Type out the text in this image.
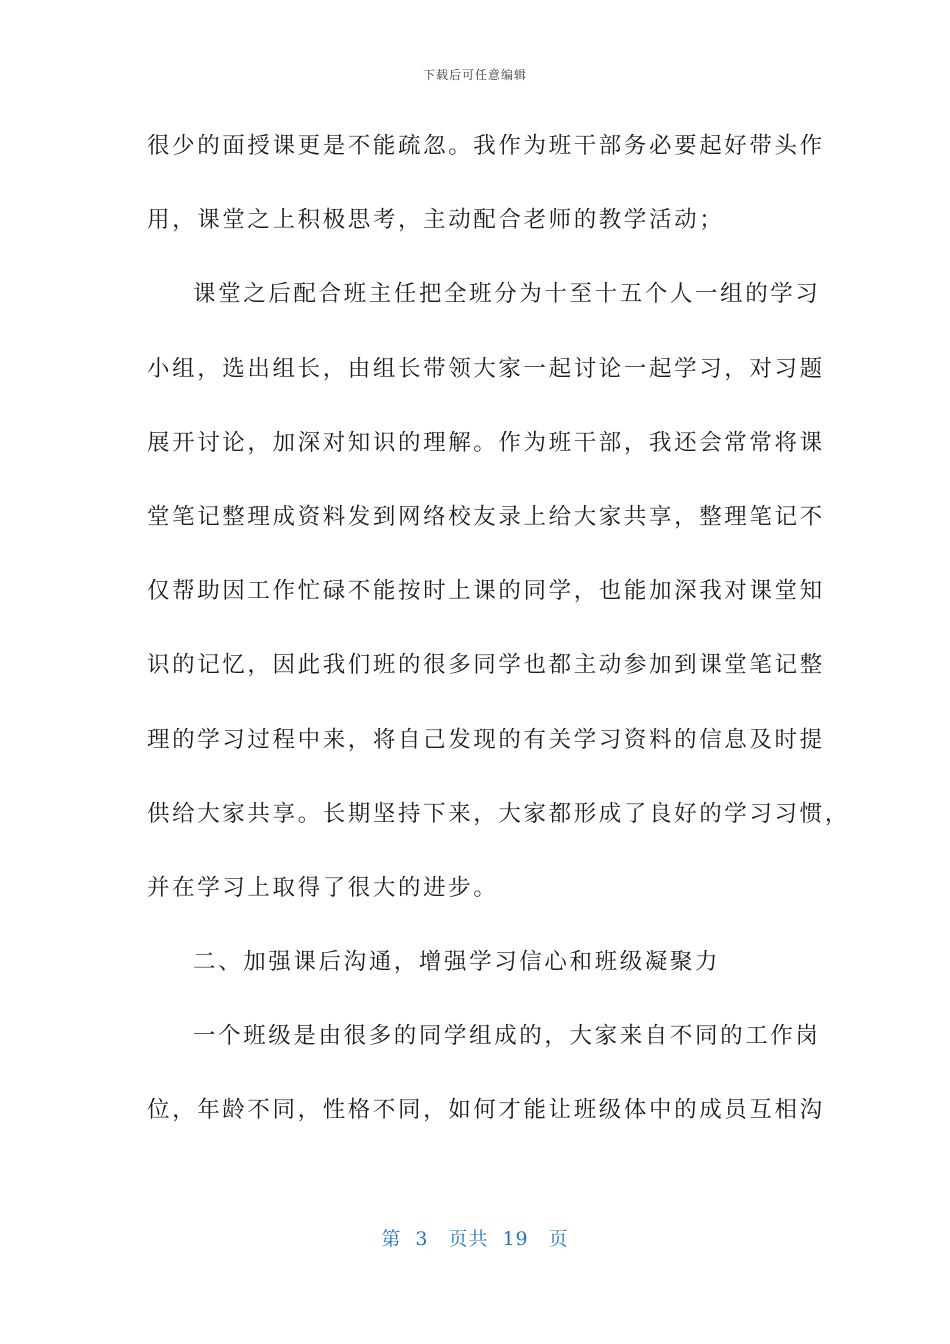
下载后可任意编辑
很少的面授课更是不能疏忽。我作为班干部务必要起好带头作
用，课堂之上积极思考，主动配合老师的教学活动；
课堂之后配合班主任把全班分为十至十五个人一组的学习
小组，选出组长，由组长带领大家一起讨论一起学习，对习题
展开讨论，加深对知识的理解。作为班干部，我还会常常将课
堂笔记整理成资料发到网络校友录上给大家共享，整理笔记不
仅帮助因工作忙碌不能按时上课的同学，也能加深我对课堂知
识的记忆，因此我们班的很多同学也都主动参加到课堂笔记整
理的学习过程中来，将自己发现的有关学习资料的信息及时提
供给大家共享。长期坚持下来，大家都形成了良好的学习习惯，
并在学习上取得了很大的进步。
二、加强课后沟通，增强学习信心和班级凝聚力
一个班级是由很多的同学组成的，大家来自不同的工作岗
位，年龄不同，性格不同，如何才能让班级体中的成员互相沟
第 3 页共 19 页
